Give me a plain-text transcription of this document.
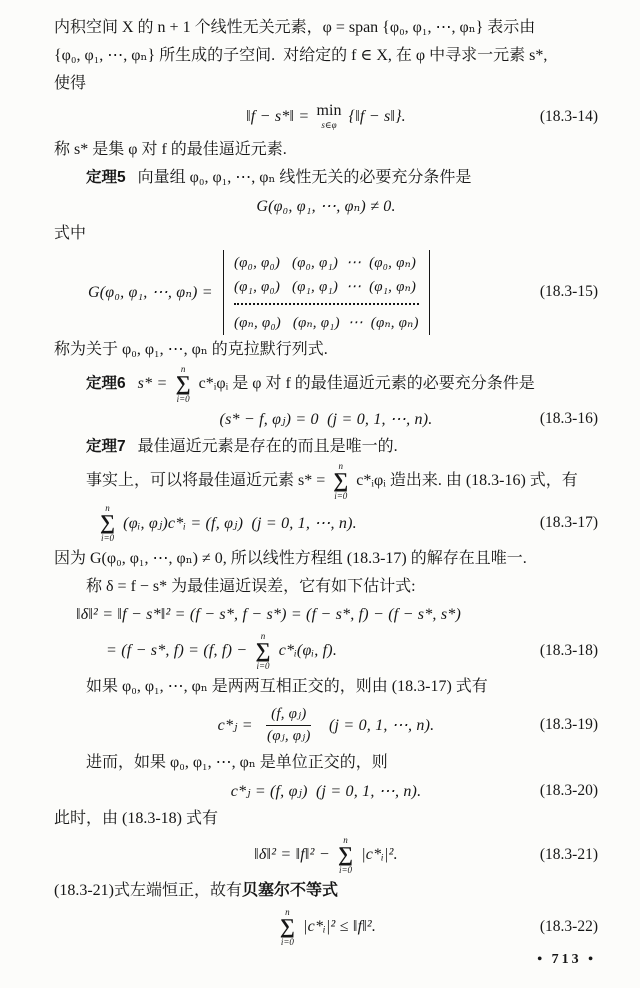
内积空间 X 的 n + 1 个线性无关元素，φ = span {φ₀, φ₁, ⋯, φₙ} 表示由

{φ₀, φ₁, ⋯, φₙ} 所生成的子空间.  对给定的 f ∈ X, 在 φ 中寻求一元素 s*,

使得

‖f − s*‖ = min
s∈φ
{‖f − s‖}.	(18.3-14)

称 s* 是集 φ 对 f 的最佳逼近元素.

定理5 向量组 φ₀, φ₁, ⋯, φₙ 线性无关的必要充分条件是

G(φ₀, φ₁, ⋯, φₙ) ≠ 0.

式中

G(φ₀, φ₁, ⋯, φₙ) =
(φ₀, φ₀)   (φ₀, φ₁)  ⋯  (φ₀, φₙ)
(φ₁, φ₀)   (φ₁, φ₁)  ⋯  (φ₁, φₙ)
(φₙ, φ₀)   (φₙ, φ₁)  ⋯  (φₙ, φₙ)
(18.3-15)

称为关于 φ₀, φ₁, ⋯, φₙ 的克拉默行列式.

定理6 s* =
n
∑
i=0
c*ᵢφᵢ 是 φ 对 f 的最佳逼近元素的必要充分条件是

(s* − f, φⱼ) = 0  (j = 0, 1, ⋯, n).	(18.3-16)

定理7 最佳逼近元素是存在的而且是唯一的.

事实上，可以将最佳逼近元素 s* =
n
∑
i=0
c*ᵢφᵢ 造出来. 由 (18.3-16) 式，有

n
∑
i=0
(φᵢ, φⱼ)c*ᵢ = (f, φⱼ)  (j = 0, 1, ⋯, n).	(18.3-17)

因为 G(φ₀, φ₁, ⋯, φₙ) ≠ 0, 所以线性方程组 (18.3-17) 的解存在且唯一.

称 δ = f − s* 为最佳逼近误差，它有如下估计式:

‖δ‖² = ‖f − s*‖² = (f − s*, f − s*) = (f − s*, f) − (f − s*, s*)
= (f − s*, f) = (f, f) −
n
∑
i=0
c*ᵢ(φᵢ, f).	(18.3-18)

如果 φ₀, φ₁, ⋯, φₙ 是两两互相正交的，则由 (18.3-17) 式有

c*ⱼ = $\frac{\text{(f, φⱼ)}}{\text{(φⱼ, φⱼ)}} (j = 0$, 1, ⋯, n).	(18.3-19)

进而，如果 φ₀, φ₁, ⋯, φₙ 是单位正交的，则

c*ⱼ = (f, φⱼ)  (j = 0, 1, ⋯, n).	(18.3-20)

此时，由 (18.3-18) 式有

‖δ‖² = ‖f‖² −
n
∑
i=0
|c*ᵢ|².	(18.3-21)

(18.3-21)式左端恒正，故有贝塞尔不等式

n
∑
i=0
|c*ᵢ|² ≤ ‖f‖².	(18.3-22)
• 713 •
